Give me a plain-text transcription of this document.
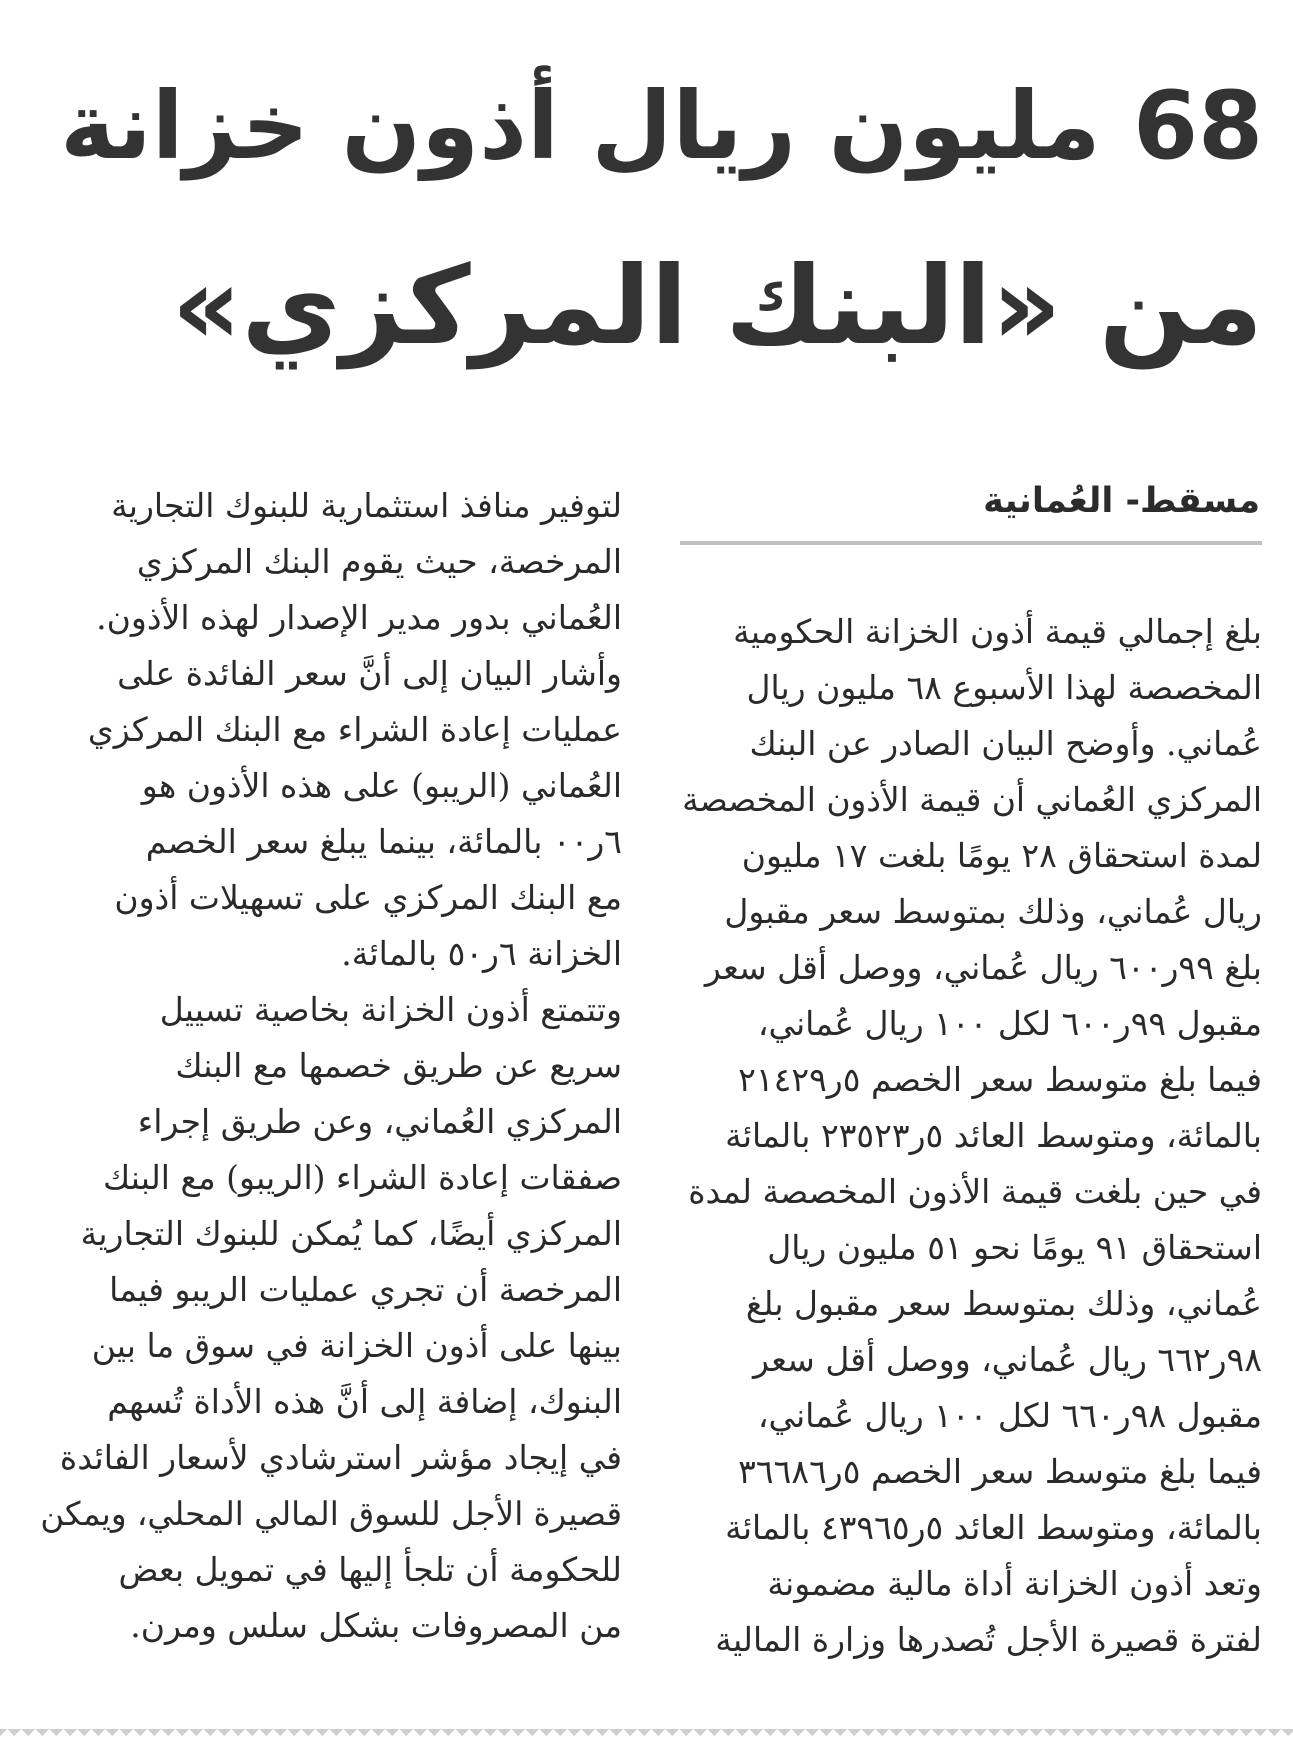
68 مليون ريال أذون خزانة
من «البنك المركزي»
مسقط- العُمانية
بلغ إجمالي قيمة أذون الخزانة الحكومية
المخصصة لهذا الأسبوع ٦٨ مليون ريال
عُماني. وأوضح البيان الصادر عن البنك
المركزي العُماني أن قيمة الأذون المخصصة
لمدة استحقاق ٢٨ يومًا بلغت ١٧ مليون
ريال عُماني، وذلك بمتوسط سعر مقبول
بلغ ٩٩ر٦٠٠ ريال عُماني، ووصل أقل سعر
مقبول ٩٩ر٦٠٠ لكل ١٠٠ ريال عُماني،
فيما بلغ متوسط سعر الخصم ٥ر٢١٤٢٩
بالمائة، ومتوسط العائد ٥ر٢٣٥٢٣ بالمائة
في حين بلغت قيمة الأذون المخصصة لمدة
استحقاق ٩١ يومًا نحو ٥١ مليون ريال
عُماني، وذلك بمتوسط سعر مقبول بلغ
٩٨ر٦٦٢ ريال عُماني، ووصل أقل سعر
مقبول ٩٨ر٦٦٠ لكل ١٠٠ ريال عُماني،
فيما بلغ متوسط سعر الخصم ٥ر٣٦٦٨٦
بالمائة، ومتوسط العائد ٥ر٤٣٩٦٥ بالمائة
وتعد أذون الخزانة أداة مالية مضمونة
لفترة قصيرة الأجل تُصدرها وزارة المالية
لتوفير منافذ استثمارية للبنوك التجارية
المرخصة، حيث يقوم البنك المركزي
العُماني بدور مدير الإصدار لهذه الأذون.
وأشار البيان إلى أنَّ سعر الفائدة على
عمليات إعادة الشراء مع البنك المركزي
العُماني (الريبو) على هذه الأذون هو
٦ر٠٠ بالمائة، بينما يبلغ سعر الخصم
مع البنك المركزي على تسهيلات أذون
الخزانة ٦ر٥٠ بالمائة.
وتتمتع أذون الخزانة بخاصية تسييل
سريع عن طريق خصمها مع البنك
المركزي العُماني، وعن طريق إجراء
صفقات إعادة الشراء (الريبو) مع البنك
المركزي أيضًا، كما يُمكن للبنوك التجارية
المرخصة أن تجري عمليات الريبو فيما
بينها على أذون الخزانة في سوق ما بين
البنوك، إضافة إلى أنَّ هذه الأداة تُسهم
في إيجاد مؤشر استرشادي لأسعار الفائدة
قصيرة الأجل للسوق المالي المحلي، ويمكن
للحكومة أن تلجأ إليها في تمويل بعض
من المصروفات بشكل سلس ومرن.
